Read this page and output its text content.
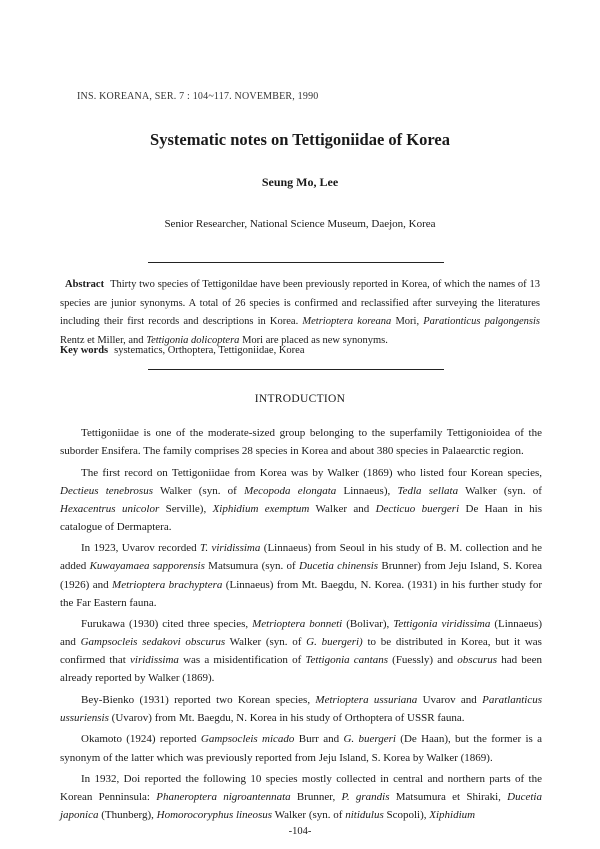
INS. KOREANA, SER. 7 : 104~117. NOVEMBER, 1990
Systematic notes on Tettigoniidae of Korea
Seung Mo, Lee
Senior Researcher, National Science Museum, Daejon, Korea
Abstract Thirty two species of Tettigonildae have been previously reported in Korea, of which the names of 13 species are junior synonyms. A total of 26 species is confirmed and reclassified after surveying the literatures including their first records and descriptions in Korea. Metrioptera koreana Mori, Parationticus palgongensis Rentz et Miller, and Tettigonia dolicoptera Mori are placed as new synonyms.
Key words systematics, Orthoptera, Tettigoniidae, Korea
INTRODUCTION

Tettigoniidae is one of the moderate-sized group belonging to the superfamily Tettigonioidea of the suborder Ensifera. The family comprises 28 species in Korea and about 380 species in Palaearctic region.

The first record on Tettigoniidae from Korea was by Walker (1869) who listed four Korean species, Dectieus tenebrosus Walker (syn. of Mecopoda elongata Linnaeus), Tedla sellata Walker (syn. of Hexacentrus unicolor Serville), Xiphidium exemptum Walker and Decticuo buergeri De Haan in his catalogue of Dermaptera.

In 1923, Uvarov recorded T. viridissima (Linnaeus) from Seoul in his study of B. M. collection and he added Kuwayamaea sapporensis Matsumura (syn. of Ducetia chinensis Brunner) from Jeju Island, S. Korea (1926) and Metrioptera brachyptera (Linnaeus) from Mt. Baegdu, N. Korea. (1931) in his further study for the Far Eastern fauna.

Furukawa (1930) cited three species, Metrioptera bonneti (Bolivar), Tettigonia viridissima (Linnaeus) and Gampsocleis sedakovi obscurus Walker (syn. of G. buergeri) to be distributed in Korea, but it was confirmed that viridissima was a misidentification of Tettigonia cantans (Fuessly) and obscurus had been already reported by Walker (1869).

Bey-Bienko (1931) reported two Korean species, Metrioptera ussuriana Uvarov and Paratlanticus ussuriensis (Uvarov) from Mt. Baegdu, N. Korea in his study of Orthoptera of USSR fauna.

Okamoto (1924) reported Gampsocleis micado Burr and G. buergeri (De Haan), but the former is a synonym of the latter which was previously reported from Jeju Island, S. Korea by Walker (1869).

In 1932, Doi reported the following 10 species mostly collected in central and northern parts of the Korean Penninsula: Phaneroptera nigroantennata Brunner, P. grandis Matsumura et Shiraki, Ducetia japonica (Thunberg), Homorocoryphus lineosus Walker (syn. of nitidulus Scopoli), Xiphidium

-104-
